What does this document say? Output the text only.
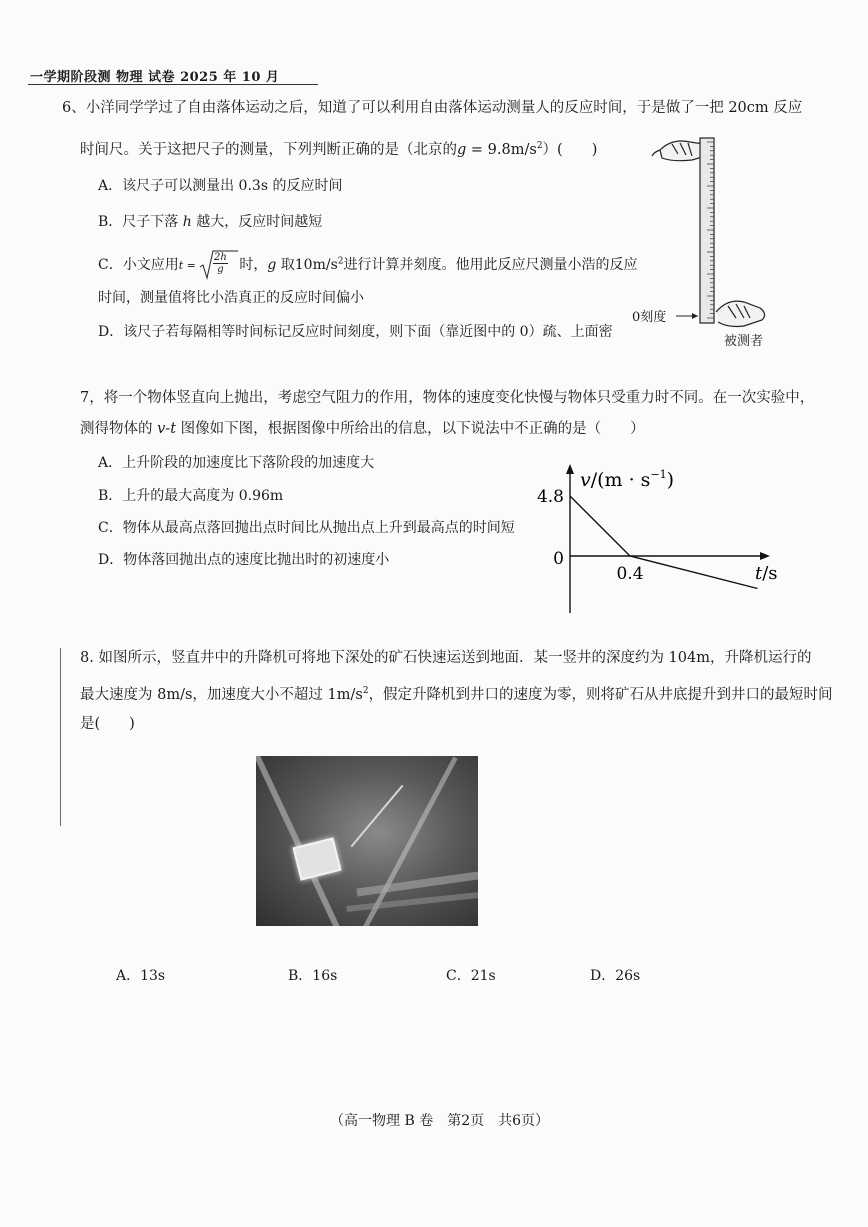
一学期阶段测 物理 试卷 2025 年 10 月
6、小洋同学学过了自由落体运动之后，知道了可以利用自由落体运动测量人的反应时间，于是做了一把 20cm 反应
时间尺。关于这把尺子的测量，下列判断正确的是（北京的$g = 9.8m/s^2$）(　　)
A．该尺子可以测量出 0.3s 的反应时间
B．尺子下落 h 越大，反应时间越短
C．小文应用$t = \frac{2h}{g}$ 时，g 取$10m/s^2$进行计算并刻度。他用此反应尺测量小浩的反应
时间，测量值将比小浩真正的反应时间偏小
D．该尺子若每隔相等时间标记反应时间刻度，则下面（靠近图中的 0）疏、上面密
0刻度
被测者
7，将一个物体竖直向上抛出，考虑空气阻力的作用，物体的速度变化快慢与物体只受重力时不同。在一次实验中，
测得物体的 v-t 图像如下图，根据图像中所给出的信息，以下说法中不正确的是（　　）
A．上升阶段的加速度比下落阶段的加速度大
B．上升的最大高度为 0.96m
C．物体从最高点落回抛出点时间比从抛出点上升到最高点的时间短
D．物体落回抛出点的速度比抛出时的初速度小
4.8
0
0.4
$v/(m \cdot s^{-1})$
t/s
8. 如图所示，竖直井中的升降机可将地下深处的矿石快速运送到地面．某一竖井的深度约为 104m，升降机运行的
最大速度为 8m/s，加速度大小不超过 $1m/s^2$，假定升降机到井口的速度为零，则将矿石从井底提升到井口的最短时间
是(　　)
A．13s	B．16s	C．21s	D．26s
（高一物理 B 卷　第2页　共6页）
